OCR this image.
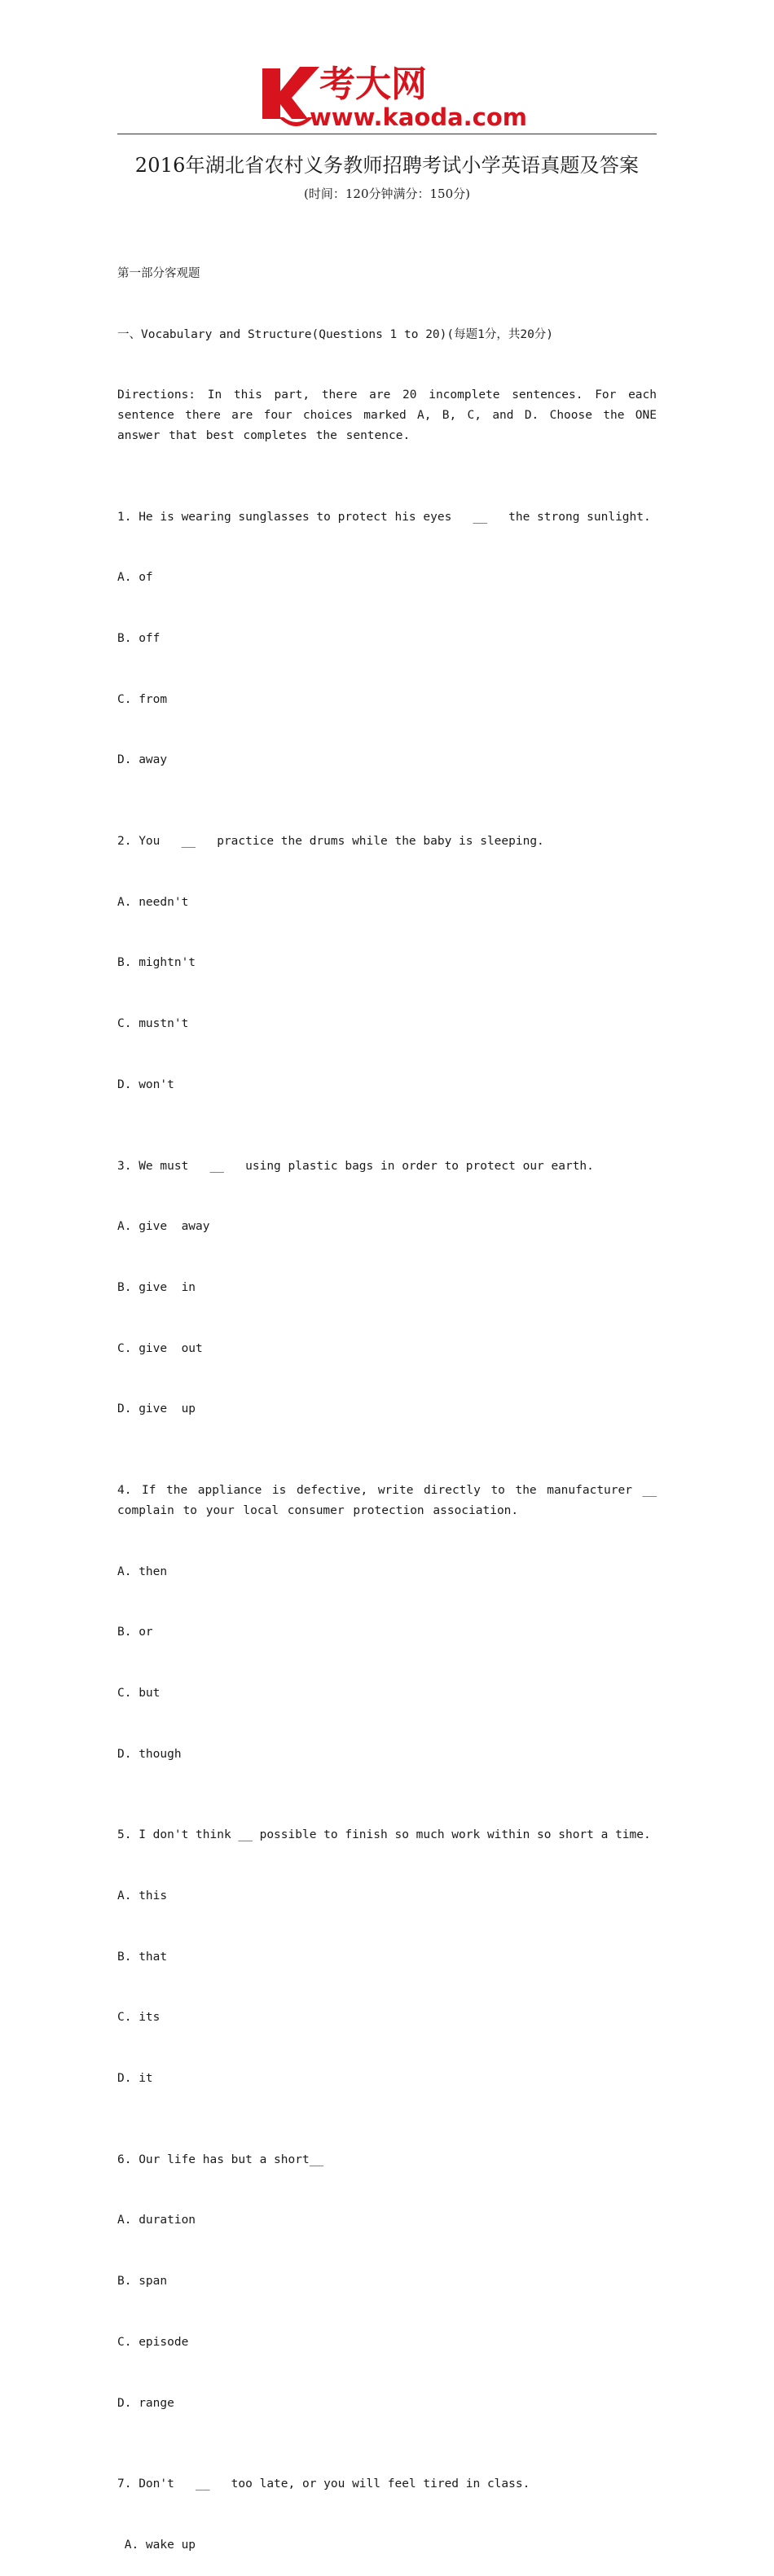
考大网
www.kaoda.com
2016年湖北省农村义务教师招聘考试小学英语真题及答案
(时间：120分钟满分：150分)

第一部分客观题

一、Vocabulary and Structure(Questions 1 to 20)(每题1分，共20分)

Directions: In this part, there are 20 incomplete sentences. For each sentence there are four choices marked A, B, C, and D. Choose the ONE answer that best completes the sentence.

1. He is wearing sunglasses to protect his eyes   __   the strong sunlight.

A. of

B. off

C. from

D. away

2. You   __   practice the drums while the baby is sleeping.

A. needn't

B. mightn't

C. mustn't

D. won't

3. We must   __   using plastic bags in order to protect our earth.

A. give  away

B. give  in

C. give  out

D. give  up

4. If the appliance is defective, write directly to the manufacturer __ complain to your local consumer protection association.

A. then

B. or

C. but

D. though

5. I don't think __ possible to finish so much work within so short a time.

A. this

B. that

C. its

D. it

6. Our life has but a short__

A. duration

B. span

C. episode

D. range

7. Don't   __   too late, or you will feel tired in class.

A. wake up
